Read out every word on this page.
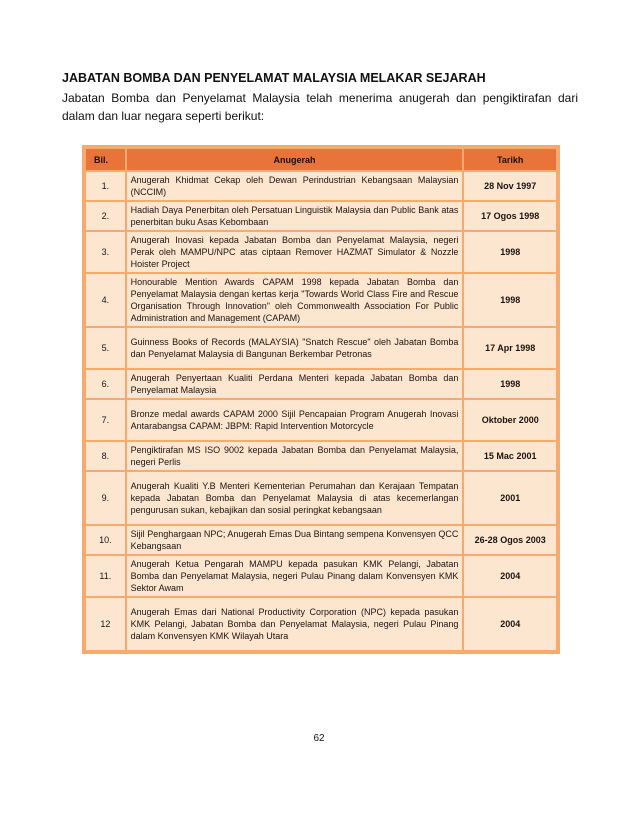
JABATAN BOMBA DAN PENYELAMAT MALAYSIA MELAKAR SEJARAH
Jabatan Bomba dan Penyelamat Malaysia telah menerima anugerah dan pengiktirafan dari dalam dan luar negara seperti berikut:
Bil.	Anugerah	Tarikh
1.	Anugerah Khidmat Cekap oleh Dewan Perindustrian Kebangsaan Malaysian (NCCIM)	28 Nov 1997
2.	Hadiah Daya Penerbitan oleh Persatuan Linguistik Malaysia dan Public Bank atas penerbitan buku Asas Kebombaan	17 Ogos 1998
3.	Anugerah Inovasi kepada Jabatan Bomba dan Penyelamat Malaysia, negeri Perak oleh MAMPU/NPC atas ciptaan Remover HAZMAT Simulator & Nozzle Hoister Project	1998
4.	Honourable Mention Awards CAPAM 1998 kepada Jabatan Bomba dan Penyelamat Malaysia dengan kertas kerja "Towards World Class Fire and Rescue Organisation Through Innovation" oleh Commonwealth Association For Public Administration and Management (CAPAM)	1998
5.	Guinness Books of Records (MALAYSIA) "Snatch Rescue" oleh Jabatan Bomba dan Penyelamat Malaysia di Bangunan Berkembar Petronas	17 Apr 1998
6.	Anugerah Penyertaan Kualiti Perdana Menteri kepada Jabatan Bomba dan Penyelamat Malaysia	1998
7.	Bronze medal awards CAPAM 2000 Sijil Pencapaian Program Anugerah Inovasi Antarabangsa CAPAM: JBPM: Rapid Intervention Motorcycle	Oktober 2000
8.	Pengiktirafan MS ISO 9002 kepada Jabatan Bomba dan Penyelamat Malaysia, negeri Perlis	15 Mac 2001
9.	Anugerah Kualiti Y.B Menteri Kementerian Perumahan dan Kerajaan Tempatan kepada Jabatan Bomba dan Penyelamat Malaysia di atas kecemerlangan pengurusan sukan, kebajikan dan sosial peringkat kebangsaan	2001
10.	Sijil Penghargaan NPC; Anugerah Emas Dua Bintang sempena Konvensyen QCC Kebangsaan	26-28 Ogos 2003
11.	Anugerah Ketua Pengarah MAMPU kepada pasukan KMK Pelangi, Jabatan Bomba dan Penyelamat Malaysia, negeri Pulau Pinang dalam Konvensyen KMK Sektor Awam	2004
12	Anugerah Emas dari National Productivity Corporation (NPC) kepada pasukan KMK Pelangi, Jabatan Bomba dan Penyelamat Malaysia, negeri Pulau Pinang dalam Konvensyen KMK Wilayah Utara	2004
62
